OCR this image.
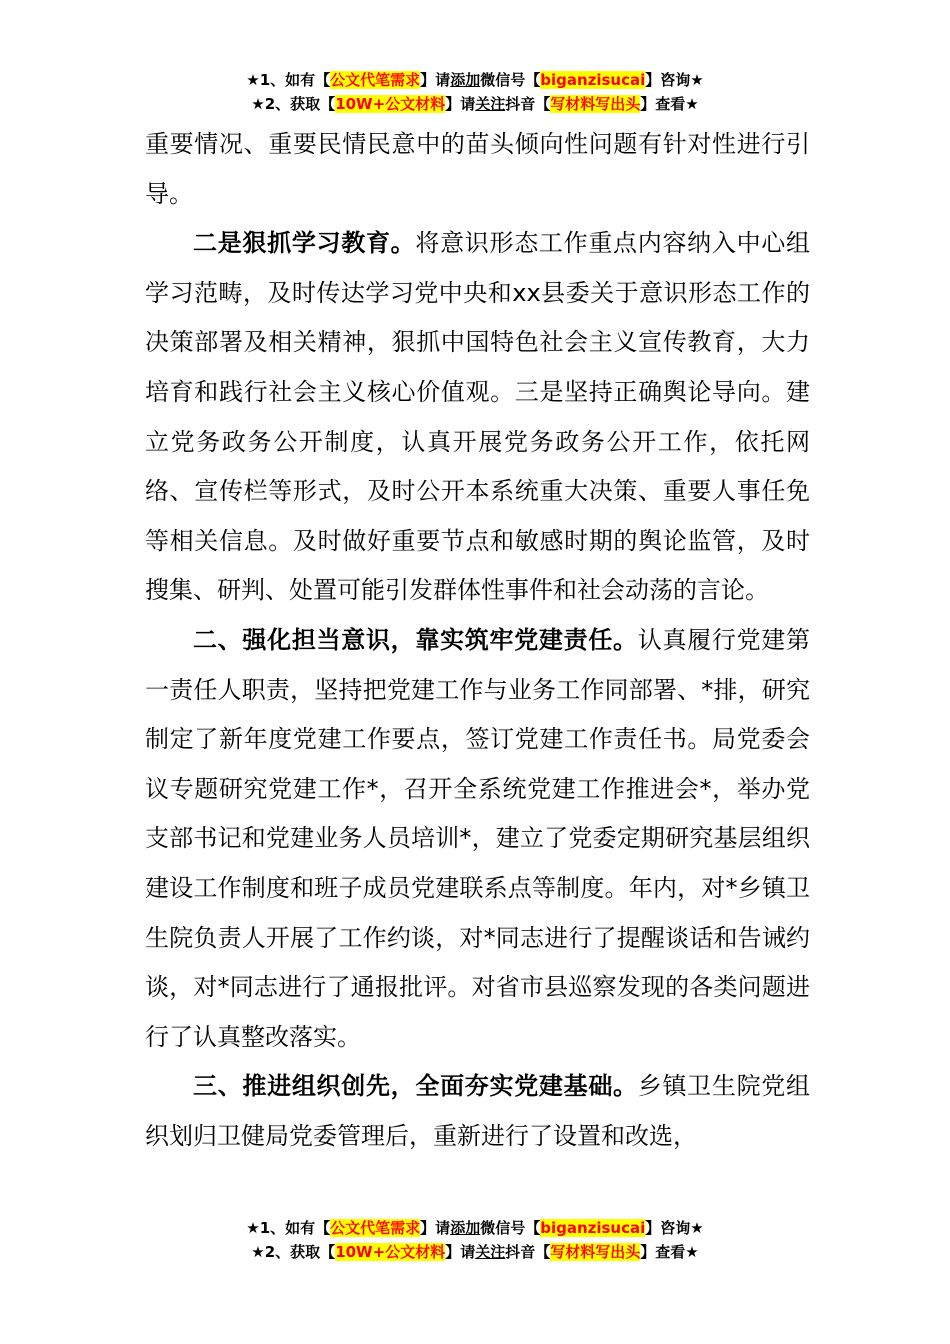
★1、如有【公文代笔需求】请添加微信号【biganzisucai】咨询★
★2、获取【10W+公文材料】请关注抖音【写材料写出头】查看★

重要情况、重要民情民意中的苗头倾向性问题有针对性进行引导。

二是狠抓学习教育。将意识形态工作重点内容纳入中心组学习范畴，及时传达学习党中央和xx县委关于意识形态工作的决策部署及相关精神，狠抓中国特色社会主义宣传教育，大力培育和践行社会主义核心价值观。三是坚持正确舆论导向。建立党务政务公开制度，认真开展党务政务公开工作，依托网络、宣传栏等形式，及时公开本系统重大决策、重要人事任免等相关信息。及时做好重要节点和敏感时期的舆论监管，及时搜集、研判、处置可能引发群体性事件和社会动荡的言论。

二、强化担当意识，靠实筑牢党建责任。认真履行党建第一责任人职责，坚持把党建工作与业务工作同部署、*排，研究制定了新年度党建工作要点，签订党建工作责任书。局党委会议专题研究党建工作*，召开全系统党建工作推进会*，举办党支部书记和党建业务人员培训*，建立了党委定期研究基层组织建设工作制度和班子成员党建联系点等制度。年内，对*乡镇卫生院负责人开展了工作约谈，对*同志进行了提醒谈话和告诫约谈，对*同志进行了通报批评。对省市县巡察发现的各类问题进行了认真整改落实。

三、推进组织创先，全面夯实党建基础。乡镇卫生院党组织划归卫健局党委管理后，重新进行了设置和改选，

★1、如有【公文代笔需求】请添加微信号【biganzisucai】咨询★
★2、获取【10W+公文材料】请关注抖音【写材料写出头】查看★
